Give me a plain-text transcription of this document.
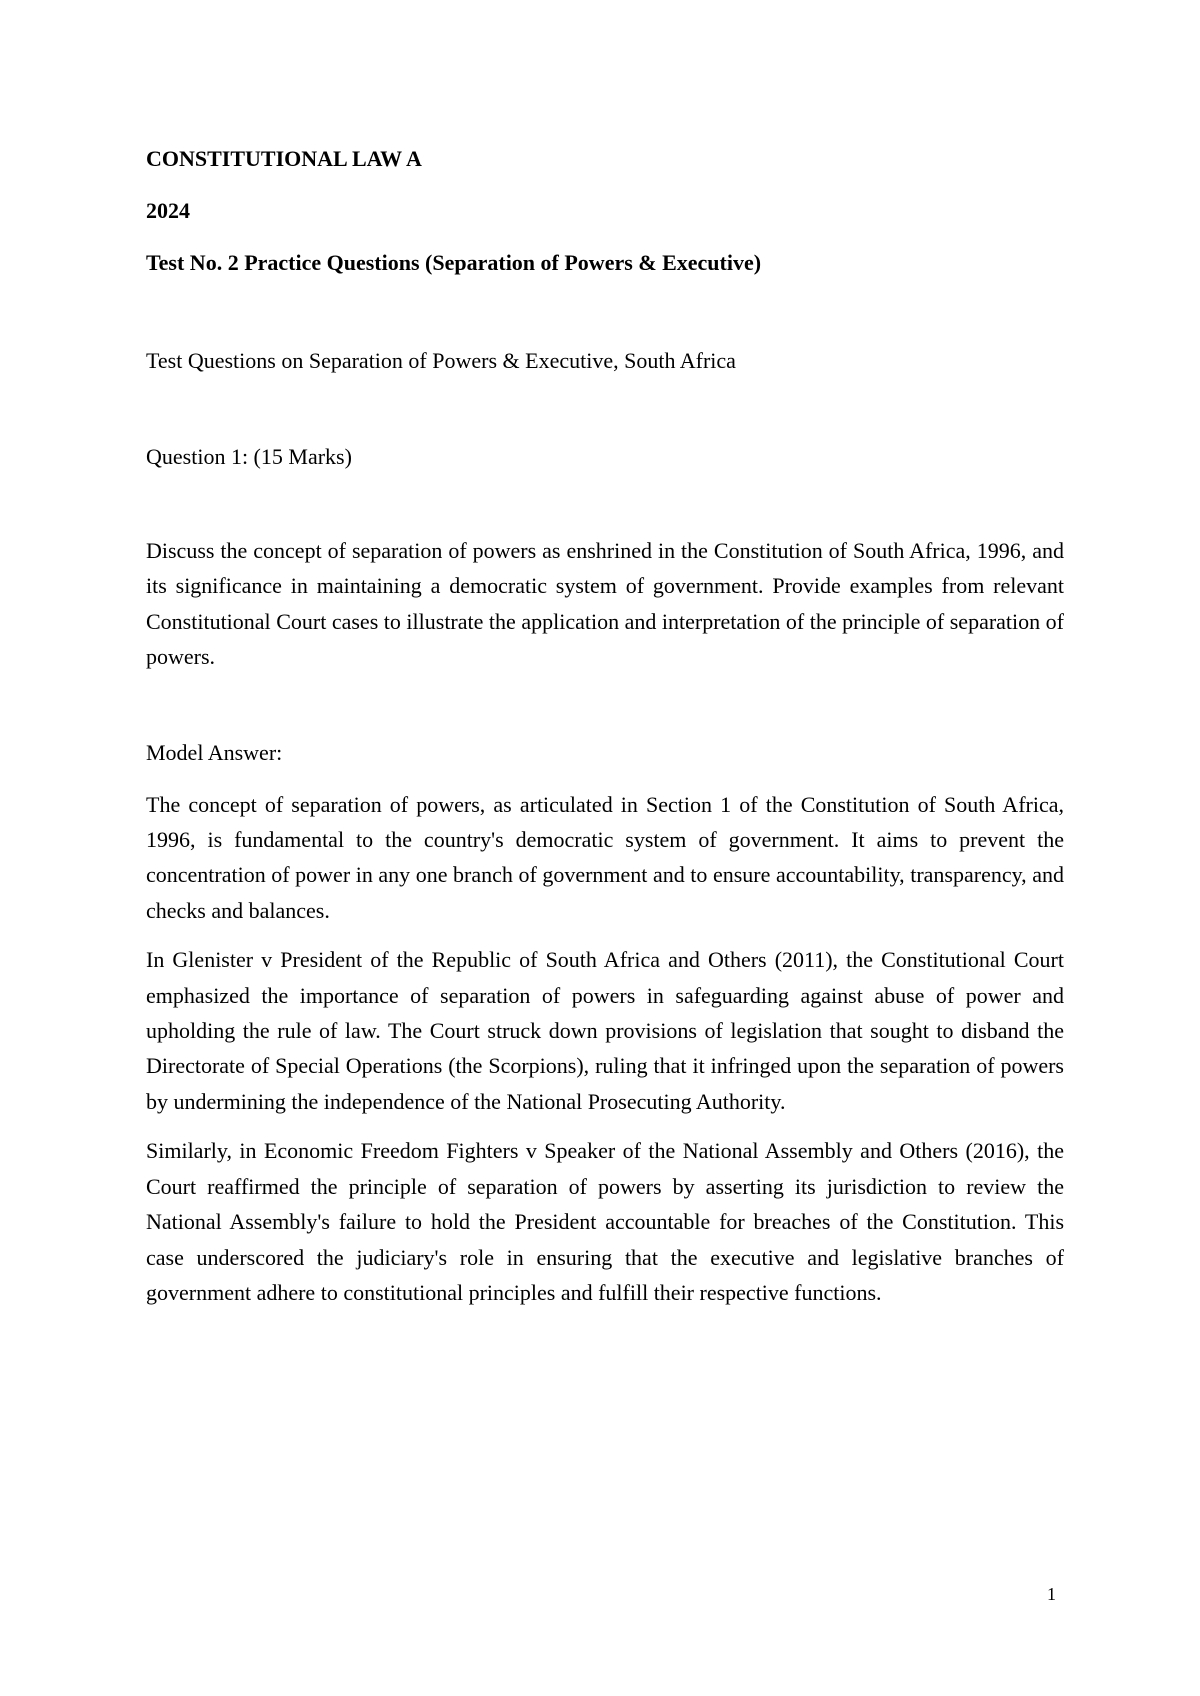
CONSTITUTIONAL LAW A

2024

Test No. 2 Practice Questions (Separation of Powers & Executive)

Test Questions on Separation of Powers & Executive, South Africa

Question 1: (15 Marks)

Discuss the concept of separation of powers as enshrined in the Constitution of South Africa, 1996, and its significance in maintaining a democratic system of government. Provide examples from relevant Constitutional Court cases to illustrate the application and interpretation of the principle of separation of powers.

Model Answer:

The concept of separation of powers, as articulated in Section 1 of the Constitution of South Africa, 1996, is fundamental to the country's democratic system of government. It aims to prevent the concentration of power in any one branch of government and to ensure accountability, transparency, and checks and balances.

In Glenister v President of the Republic of South Africa and Others (2011), the Constitutional Court emphasized the importance of separation of powers in safeguarding against abuse of power and upholding the rule of law. The Court struck down provisions of legislation that sought to disband the Directorate of Special Operations (the Scorpions), ruling that it infringed upon the separation of powers by undermining the independence of the National Prosecuting Authority.

Similarly, in Economic Freedom Fighters v Speaker of the National Assembly and Others (2016), the Court reaffirmed the principle of separation of powers by asserting its jurisdiction to review the National Assembly's failure to hold the President accountable for breaches of the Constitution. This case underscored the judiciary's role in ensuring that the executive and legislative branches of government adhere to constitutional principles and fulfill their respective functions.

1
